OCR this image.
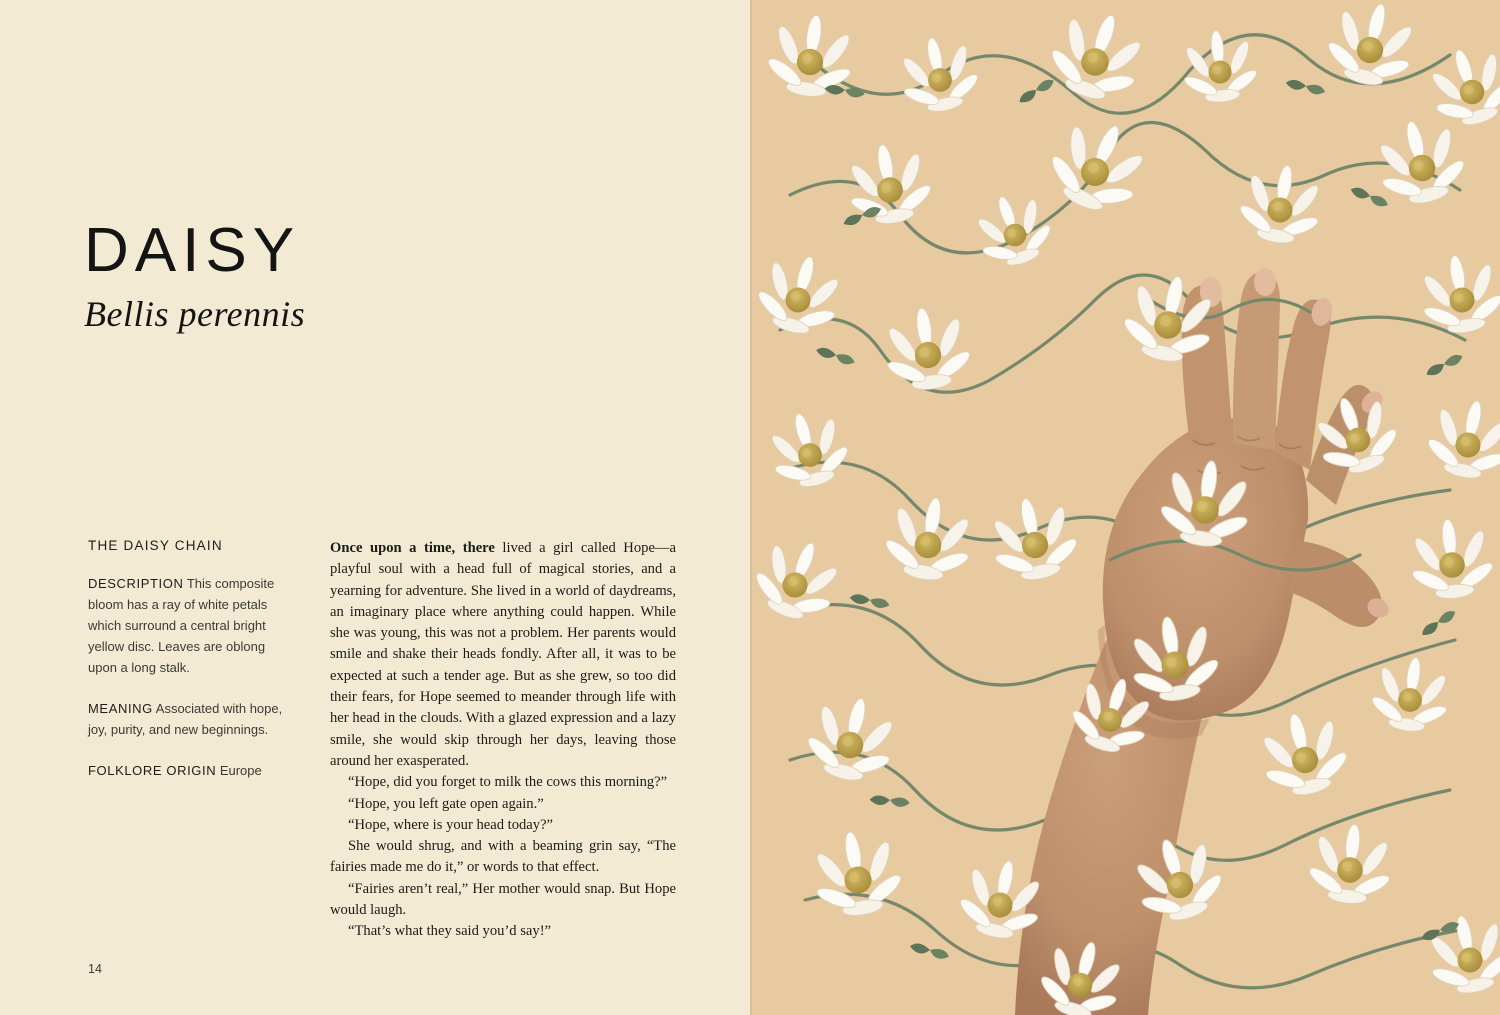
DAISY

Bellis perennis

THE DAISY CHAIN

DESCRIPTION This composite bloom has a ray of white petals which surround a central bright yellow disc. Leaves are oblong upon a long stalk.

MEANING Associated with hope, joy, purity, and new beginnings.

FOLKLORE ORIGIN Europe

Once upon a time, there lived a girl called Hope—a playful soul with a head full of magical stories, and a yearning for adventure. She lived in a world of daydreams, an imaginary place where anything could happen. While she was young, this was not a problem. Her parents would smile and shake their heads fondly. After all, it was to be expected at such a tender age. But as she grew, so too did their fears, for Hope seemed to meander through life with her head in the clouds. With a glazed expression and a lazy smile, she would skip through her days, leaving those around her exasperated.

“Hope, did you forget to milk the cows this morning?”

“Hope, you left gate open again.”

“Hope, where is your head today?”

She would shrug, and with a beaming grin say, “The fairies made me do it,” or words to that effect.

“Fairies aren’t real,” Her mother would snap. But Hope would laugh.

“That’s what they said you’d say!”

14
